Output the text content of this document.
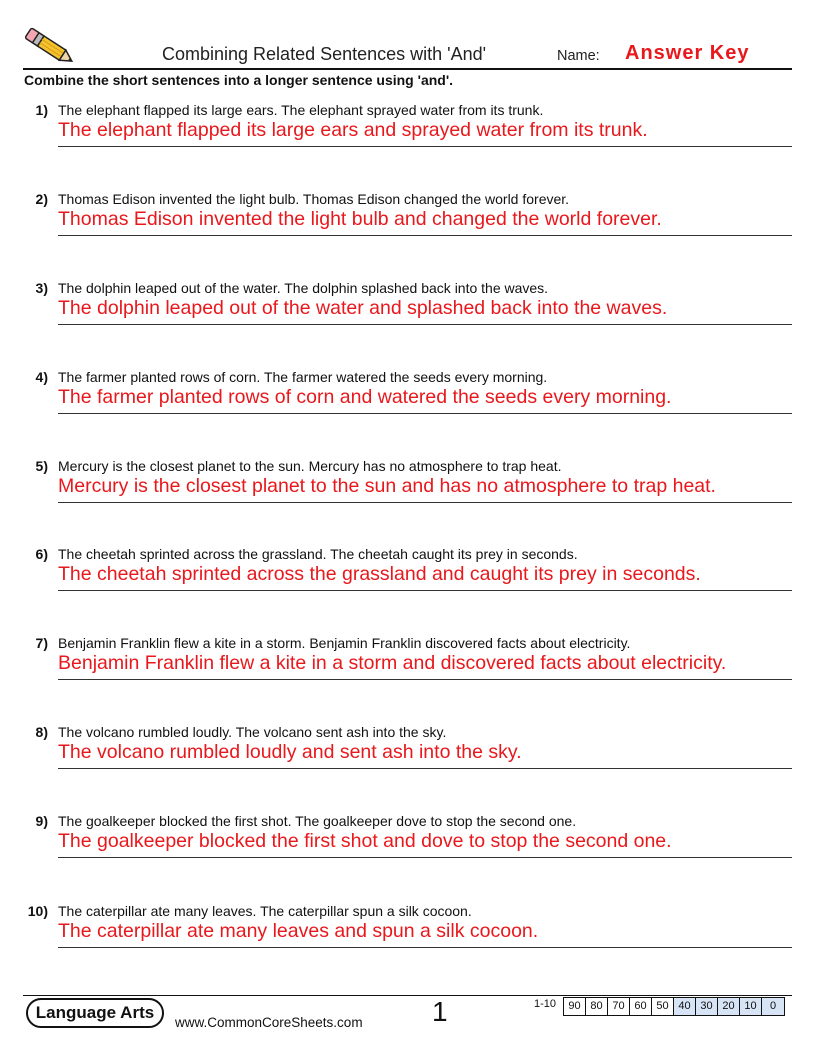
Combining Related Sentences with 'And'	Name: Answer Key
Combine the short sentences into a longer sentence using 'and'.
1) The elephant flapped its large ears. The elephant sprayed water from its trunk.
The elephant flapped its large ears and sprayed water from its trunk.
2) Thomas Edison invented the light bulb. Thomas Edison changed the world forever.
Thomas Edison invented the light bulb and changed the world forever.
3) The dolphin leaped out of the water. The dolphin splashed back into the waves.
The dolphin leaped out of the water and splashed back into the waves.
4) The farmer planted rows of corn. The farmer watered the seeds every morning.
The farmer planted rows of corn and watered the seeds every morning.
5) Mercury is the closest planet to the sun. Mercury has no atmosphere to trap heat.
Mercury is the closest planet to the sun and has no atmosphere to trap heat.
6) The cheetah sprinted across the grassland. The cheetah caught its prey in seconds.
The cheetah sprinted across the grassland and caught its prey in seconds.
7) Benjamin Franklin flew a kite in a storm. Benjamin Franklin discovered facts about electricity.
Benjamin Franklin flew a kite in a storm and discovered facts about electricity.
8) The volcano rumbled loudly. The volcano sent ash into the sky.
The volcano rumbled loudly and sent ash into the sky.
9) The goalkeeper blocked the first shot. The goalkeeper dove to stop the second one.
The goalkeeper blocked the first shot and dove to stop the second one.
10) The caterpillar ate many leaves. The caterpillar spun a silk cocoon.
The caterpillar ate many leaves and spun a silk cocoon.
Language Arts
www.CommonCoreSheets.com 1	1-10	90 80 70 60 50 40 30 20 10	0
